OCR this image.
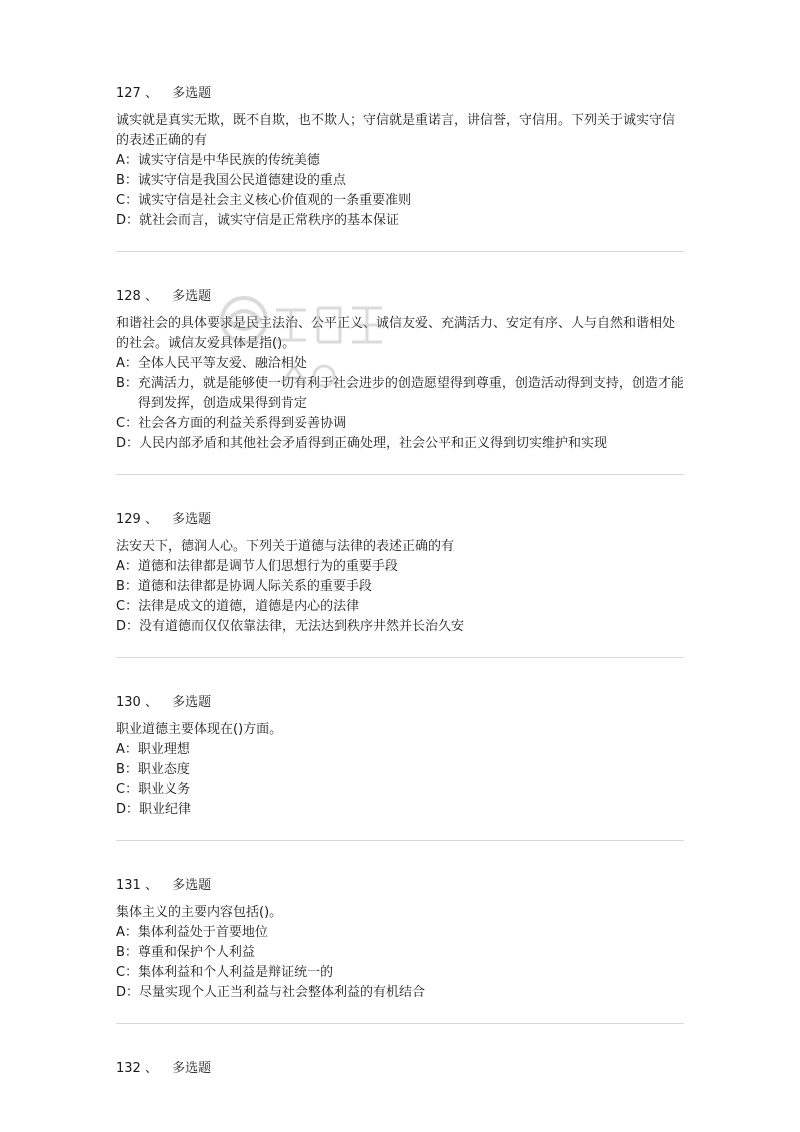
127 、 多选题

诚实就是真实无欺，既不自欺，也不欺人；守信就是重诺言，讲信誉，守信用。下列关于诚实守信的表述正确的有

A： 诚实守信是中华民族的传统美德
B： 诚实守信是我国公民道德建设的重点
C： 诚实守信是社会主义核心价值观的一条重要准则
D： 就社会而言，诚实守信是正常秩序的基本保证
128 、 多选题

和谐社会的具体要求是民主法治、公平正义、诚信友爱、充满活力、安定有序、人与自然和谐相处的社会。诚信友爱具体是指()。

A： 全体人民平等友爱、融洽相处
B： 充满活力，就是能够使一切有利于社会进步的创造愿望得到尊重，创造活动得到支持，创造才能得到发挥，创造成果得到肯定
C： 社会各方面的利益关系得到妥善协调
D： 人民内部矛盾和其他社会矛盾得到正确处理，社会公平和正义得到切实维护和实现
129 、 多选题

法安天下，德润人心。下列关于道德与法律的表述正确的有

A： 道德和法律都是调节人们思想行为的重要手段
B： 道德和法律都是协调人际关系的重要手段
C： 法律是成文的道德，道德是内心的法律
D： 没有道德而仅仅依靠法律，无法达到秩序井然并长治久安
130 、 多选题

职业道德主要体现在()方面。

A： 职业理想
B： 职业态度
C： 职业义务
D： 职业纪律
131 、 多选题

集体主义的主要内容包括()。

A： 集体利益处于首要地位
B： 尊重和保护个人利益
C： 集体利益和个人利益是辩证统一的
D： 尽量实现个人正当利益与社会整体利益的有机结合
132 、 多选题
